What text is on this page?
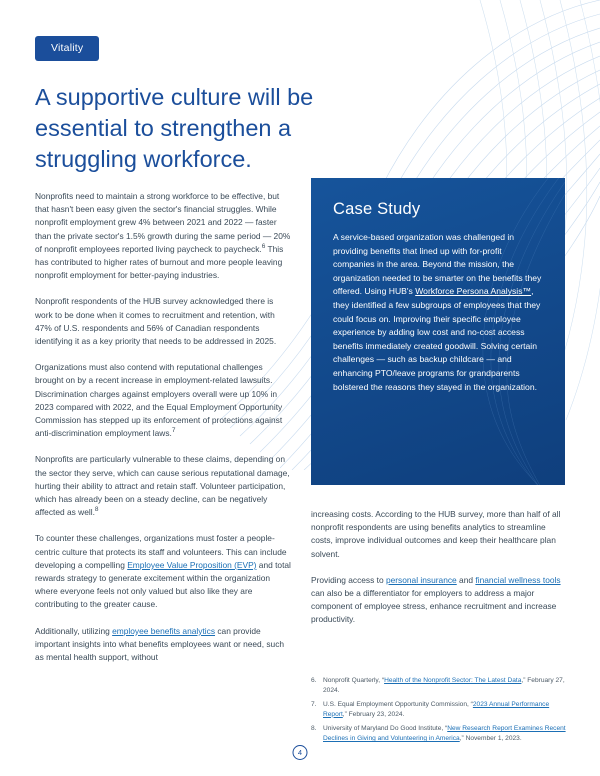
Vitality
A supportive culture will be essential to strengthen a struggling workforce.

Nonprofits need to maintain a strong workforce to be effective, but that hasn't been easy given the sector's financial struggles. While nonprofit employment grew 4% between 2021 and 2022 — faster than the private sector's 1.5% growth during the same period — 20% of nonprofit employees reported living paycheck to paycheck.$^6$ This has contributed to higher rates of burnout and more people leaving nonprofit employment for better-paying industries.

Nonprofit respondents of the HUB survey acknowledged there is work to be done when it comes to recruitment and retention, with 47% of U.S. respondents and 56% of Canadian respondents identifying it as a key priority that needs to be addressed in 2025.

Organizations must also contend with reputational challenges brought on by a recent increase in employment-related lawsuits. Discrimination charges against employers overall were up 10% in 2023 compared with 2022, and the Equal Employment Opportunity Commission has stepped up its enforcement of protections against anti-discrimination employment laws.$^7$

Nonprofits are particularly vulnerable to these claims, depending on the sector they serve, which can cause serious reputational damage, hurting their ability to attract and retain staff. Volunteer participation, which has already been on a steady decline, can be negatively affected as well.$^8$

To counter these challenges, organizations must foster a people-centric culture that protects its staff and volunteers. This can include developing a compelling Employee Value Proposition (EVP) and total rewards strategy to generate excitement within the organization where everyone feels not only valued but also like they are contributing to the greater cause.

Additionally, utilizing employee benefits analytics can provide important insights into what benefits employees want or need, such as mental health support, without

Case Study
A service-based organization was challenged in providing benefits that lined up with for-profit companies in the area. Beyond the mission, the organization needed to be smarter on the benefits they offered. Using HUB's Workforce Persona Analysis™, they identified a few subgroups of employees that they could focus on. Improving their specific employee experience by adding low cost and no-cost access benefits immediately created goodwill. Solving certain challenges — such as backup childcare — and enhancing PTO/leave programs for grandparents bolstered the reasons they stayed in the organization.

increasing costs. According to the HUB survey, more than half of all nonprofit respondents are using benefits analytics to streamline costs, improve individual outcomes and keep their healthcare plan solvent.

Providing access to personal insurance and financial wellness tools can also be a differentiator for employers to address a major component of employee stress, enhance recruitment and increase productivity.

6. Nonprofit Quarterly, “Health of the Nonprofit Sector: The Latest Data,” February 27, 2024.
7. U.S. Equal Employment Opportunity Commission, “2023 Annual Performance Report,” February 23, 2024.
8. University of Maryland Do Good Institute, “New Research Report Examines Recent Declines in Giving and Volunteering in America,” November 1, 2023.
4
